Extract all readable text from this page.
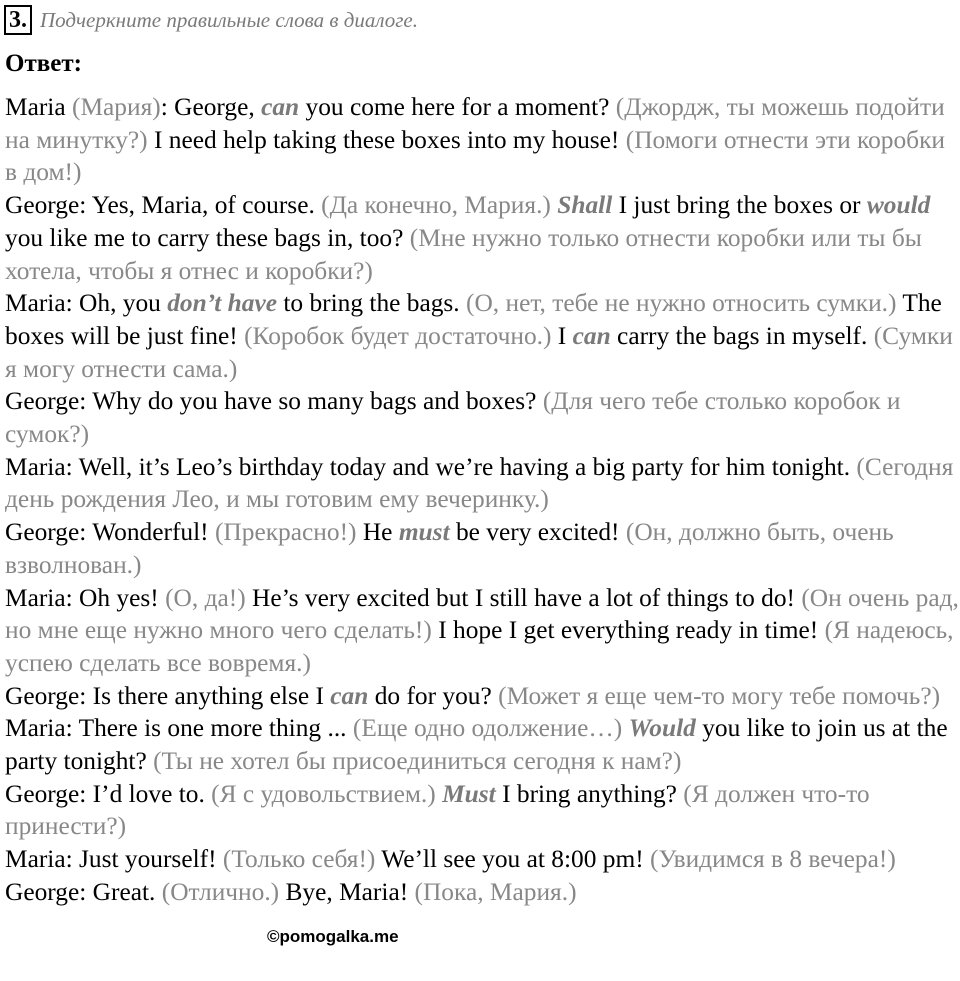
3. Подчеркните правильные слова в диалоге.
Ответ:

Maria (Мария): George, can you come here for a moment? (Джордж, ты можешь подойти на минутку?) I need help taking these boxes into my house! (Помоги отнести эти коробки в дом!)

George: Yes, Maria, of course. (Да конечно, Мария.) Shall I just bring the boxes or would you like me to carry these bags in, too? (Мне нужно только отнести коробки или ты бы хотела, чтобы я отнес и коробки?)

Maria: Oh, you don’t have to bring the bags. (О, нет, тебе не нужно относить сумки.) The boxes will be just fine! (Коробок будет достаточно.) I can carry the bags in myself. (Сумки я могу отнести сама.)

George: Why do you have so many bags and boxes? (Для чего тебе столько коробок и сумок?)

Maria: Well, it’s Leo’s birthday today and we’re having a big party for him tonight. (Сегодня день рождения Лео, и мы готовим ему вечеринку.)

George: Wonderful! (Прекрасно!) He must be very excited! (Он, должно быть, очень взволнован.)

Maria: Oh yes! (О, да!) He’s very excited but I still have a lot of things to do! (Он очень рад, но мне еще нужно много чего сделать!) I hope I get everything ready in time! (Я надеюсь, успею сделать все вовремя.)

George: Is there anything else I can do for you? (Может я еще чем-то могу тебе помочь?)

Maria: There is one more thing ... (Еще одно одолжение…) Would you like to join us at the party tonight? (Ты не хотел бы присоединиться сегодня к нам?)

George: I’d love to. (Я с удовольствием.) Must I bring anything? (Я должен что-то принести?)

Maria: Just yourself! (Только себя!) We’ll see you at 8:00 pm! (Увидимся в 8 вечера!)

George: Great. (Отлично.) Bye, Maria! (Пока, Мария.)

©pomogalka.me
